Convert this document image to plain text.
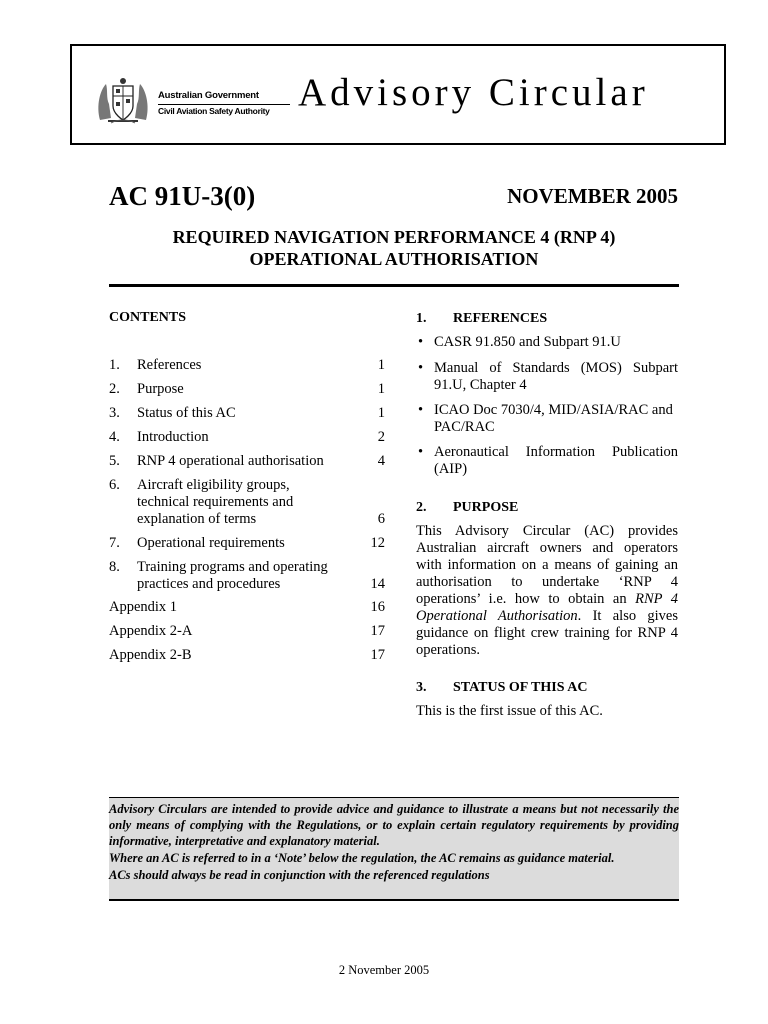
Australian Government
Civil Aviation Safety Authority Advisory Circular
AC 91U-3(0)	NOVEMBER 2005
REQUIRED NAVIGATION PERFORMANCE 4 (RNP 4)
OPERATIONAL AUTHORISATION
CONTENTS
1. References	1
2. Purpose	1
3. Status of this AC	1
4. Introduction	2
5. RNP 4 operational authorisation	4
6. Aircraft eligibility groups, technical requirements and explanation of terms	6
7. Operational requirements	12
8. Training programs and operating practices and procedures	14
Appendix 1	16
Appendix 2-A	17
Appendix 2-B	17
1. REFERENCES
• CASR 91.850 and Subpart 91.U
• Manual of Standards (MOS) Subpart 91.U, Chapter 4
• ICAO Doc 7030/4, MID/ASIA/RAC and PAC/RAC
• Aeronautical Information Publication (AIP)
2. PURPOSE
This Advisory Circular (AC) provides Australian aircraft owners and operators with information on a means of gaining an authorisation to undertake ‘RNP 4 operations’ i.e. how to obtain an RNP 4 Operational Authorisation. It also gives guidance on flight crew training for RNP 4 operations.
3. STATUS OF THIS AC
This is the first issue of this AC.

Advisory Circulars are intended to provide advice and guidance to illustrate a means but not necessarily the only means of complying with the Regulations, or to explain certain regulatory requirements by providing informative, interpretative and explanatory material.

Where an AC is referred to in a ‘Note’ below the regulation, the AC remains as guidance material.

ACs should always be read in conjunction with the referenced regulations

2 November 2005
